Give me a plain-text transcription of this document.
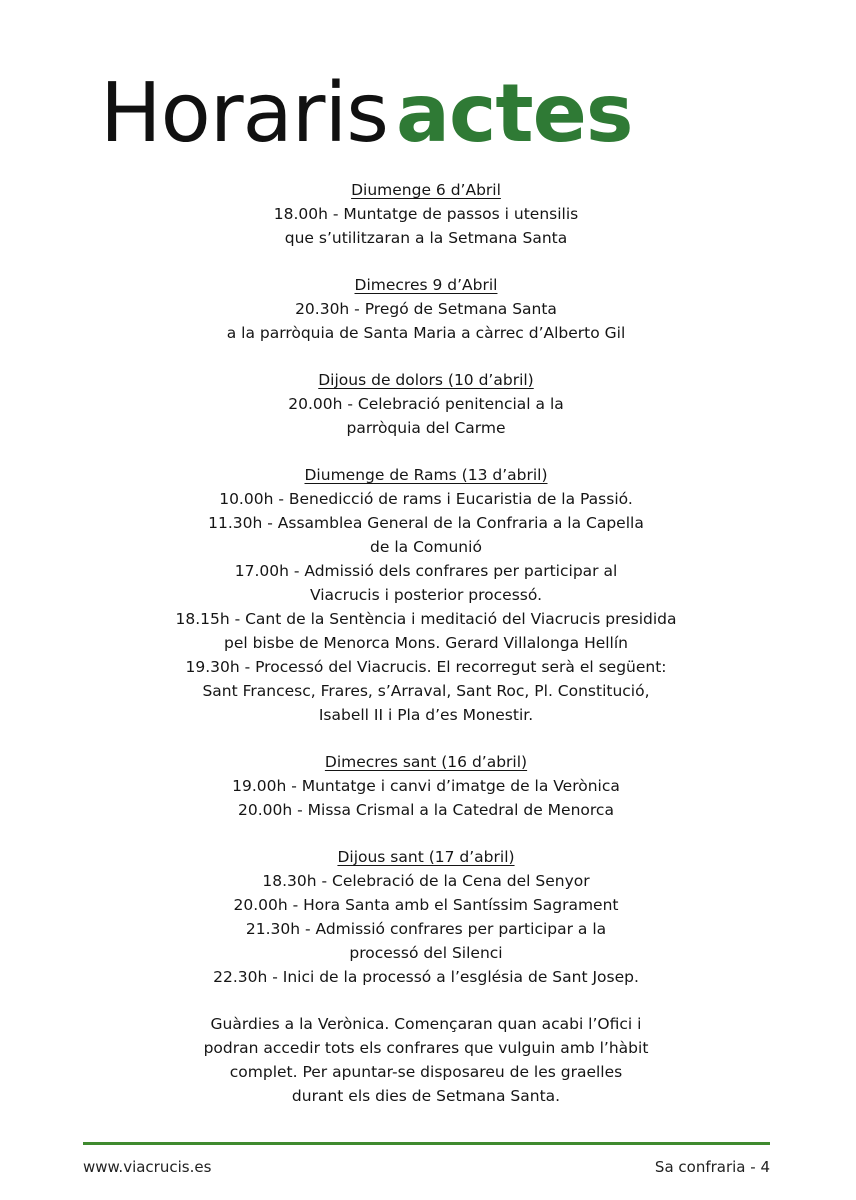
Horaris actes
Diumenge 6 d’Abril
18.00h - Muntatge de passos i utensilis
que s’utilitzaran a la Setmana Santa
Dimecres 9 d’Abril
20.30h - Pregó de Setmana Santa
a la parròquia de Santa Maria a càrrec d’Alberto Gil
Dijous de dolors (10 d’abril)
20.00h - Celebració penitencial a la
parròquia del Carme
Diumenge de Rams (13 d’abril)
10.00h - Benedicció de rams i Eucaristia de la Passió.
11.30h - Assamblea General de la Confraria a la Capella
de la Comunió
17.00h - Admissió dels confrares per participar al
Viacrucis i posterior processó.
18.15h - Cant de la Sentència i meditació del Viacrucis presidida
pel bisbe de Menorca Mons. Gerard Villalonga Hellín
19.30h - Processó del Viacrucis. El recorregut serà el següent:
Sant Francesc, Frares, s’Arraval, Sant Roc, Pl. Constitució,
Isabell II i Pla d’es Monestir.
Dimecres sant (16 d’abril)
19.00h - Muntatge i canvi d’imatge de la Verònica
20.00h - Missa Crismal a la Catedral de Menorca
Dijous sant (17 d’abril)
18.30h - Celebració de la Cena del Senyor
20.00h - Hora Santa amb el Santíssim Sagrament
21.30h - Admissió confrares per participar a la
processó del Silenci
22.30h - Inici de la processó a l’església de Sant Josep.
Guàrdies a la Verònica. Començaran quan acabi l’Ofici i
podran accedir tots els confrares que vulguin amb l’hàbit
complet. Per apuntar-se disposareu de les graelles
durant els dies de Setmana Santa.
www.viacrucis.es	Sa confraria - 4
